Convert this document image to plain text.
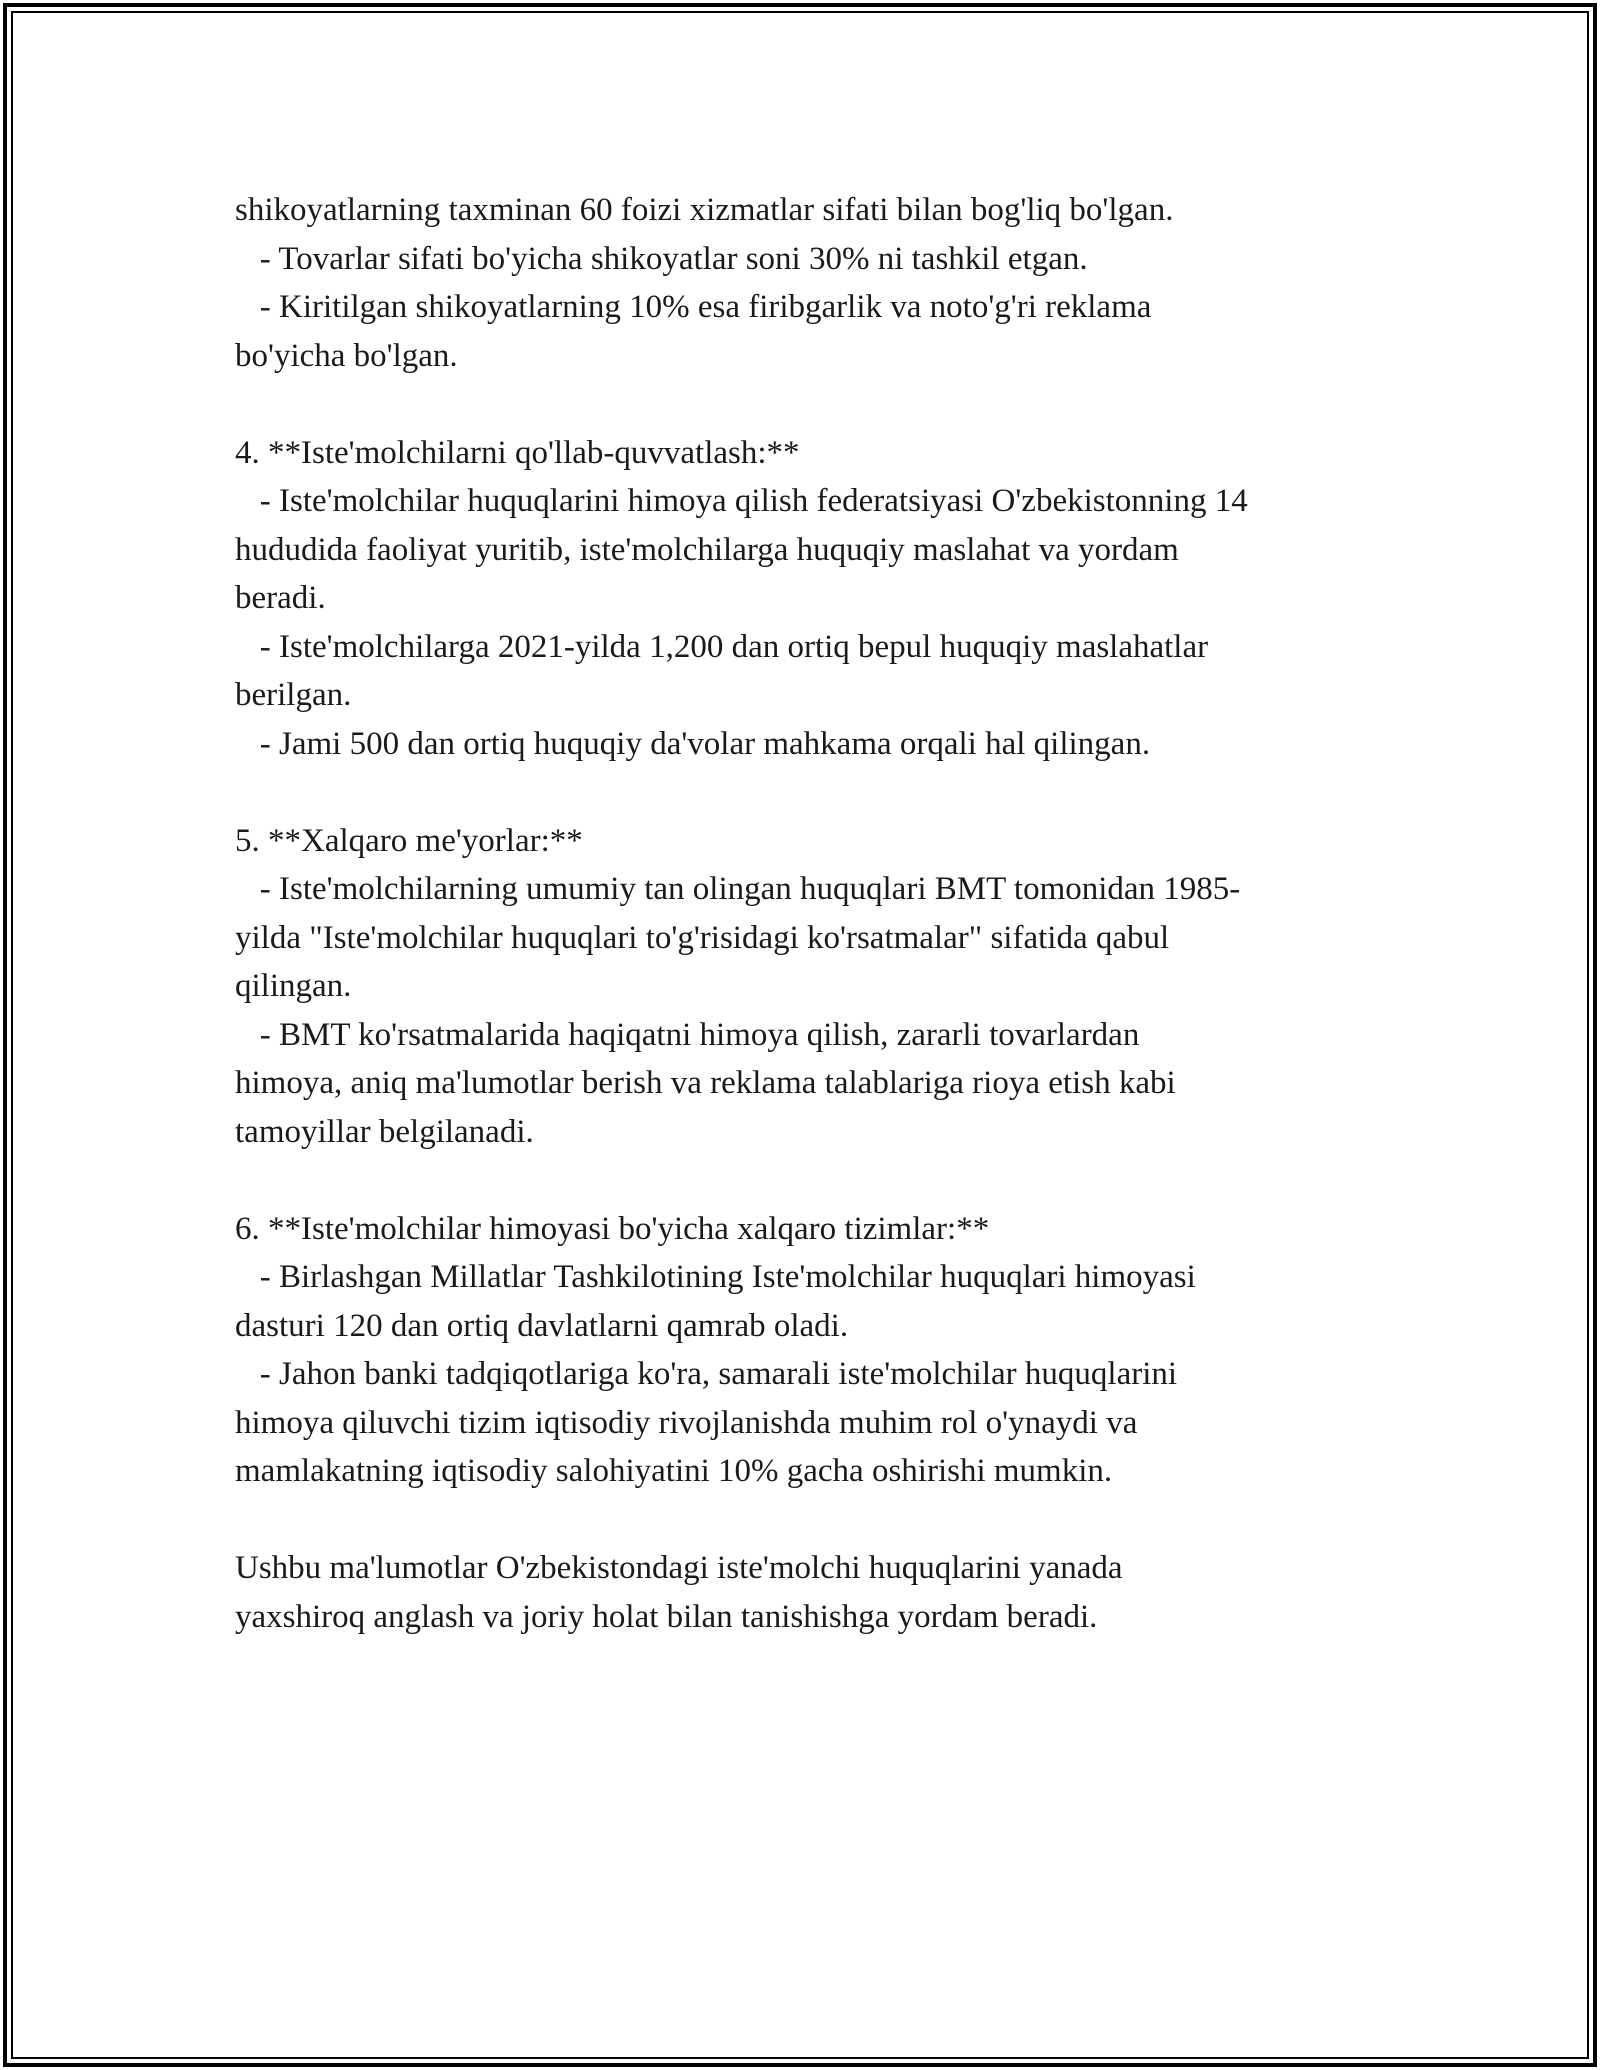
shikoyatlarning taxminan 60 foizi xizmatlar sifati bilan bog'liq bo'lgan.

- Tovarlar sifati bo'yicha shikoyatlar soni 30% ni tashkil etgan.

- Kiritilgan shikoyatlarning 10% esa firibgarlik va noto'g'ri reklama

bo'yicha bo'lgan.

4. **Iste'molchilarni qo'llab-quvvatlash:**

- Iste'molchilar huquqlarini himoya qilish federatsiyasi O'zbekistonning 14

hududida faoliyat yuritib, iste'molchilarga huquqiy maslahat va yordam

beradi.

- Iste'molchilarga 2021-yilda 1,200 dan ortiq bepul huquqiy maslahatlar

berilgan.

- Jami 500 dan ortiq huquqiy da'volar mahkama orqali hal qilingan.

5. **Xalqaro me'yorlar:**

- Iste'molchilarning umumiy tan olingan huquqlari BMT tomonidan 1985-

yilda "Iste'molchilar huquqlari to'g'risidagi ko'rsatmalar" sifatida qabul

qilingan.

- BMT ko'rsatmalarida haqiqatni himoya qilish, zararli tovarlardan

himoya, aniq ma'lumotlar berish va reklama talablariga rioya etish kabi

tamoyillar belgilanadi.

6. **Iste'molchilar himoyasi bo'yicha xalqaro tizimlar:**

- Birlashgan Millatlar Tashkilotining Iste'molchilar huquqlari himoyasi

dasturi 120 dan ortiq davlatlarni qamrab oladi.

- Jahon banki tadqiqotlariga ko'ra, samarali iste'molchilar huquqlarini

himoya qiluvchi tizim iqtisodiy rivojlanishda muhim rol o'ynaydi va

mamlakatning iqtisodiy salohiyatini 10% gacha oshirishi mumkin.

Ushbu ma'lumotlar O'zbekistondagi iste'molchi huquqlarini yanada

yaxshiroq anglash va joriy holat bilan tanishishga yordam beradi.
